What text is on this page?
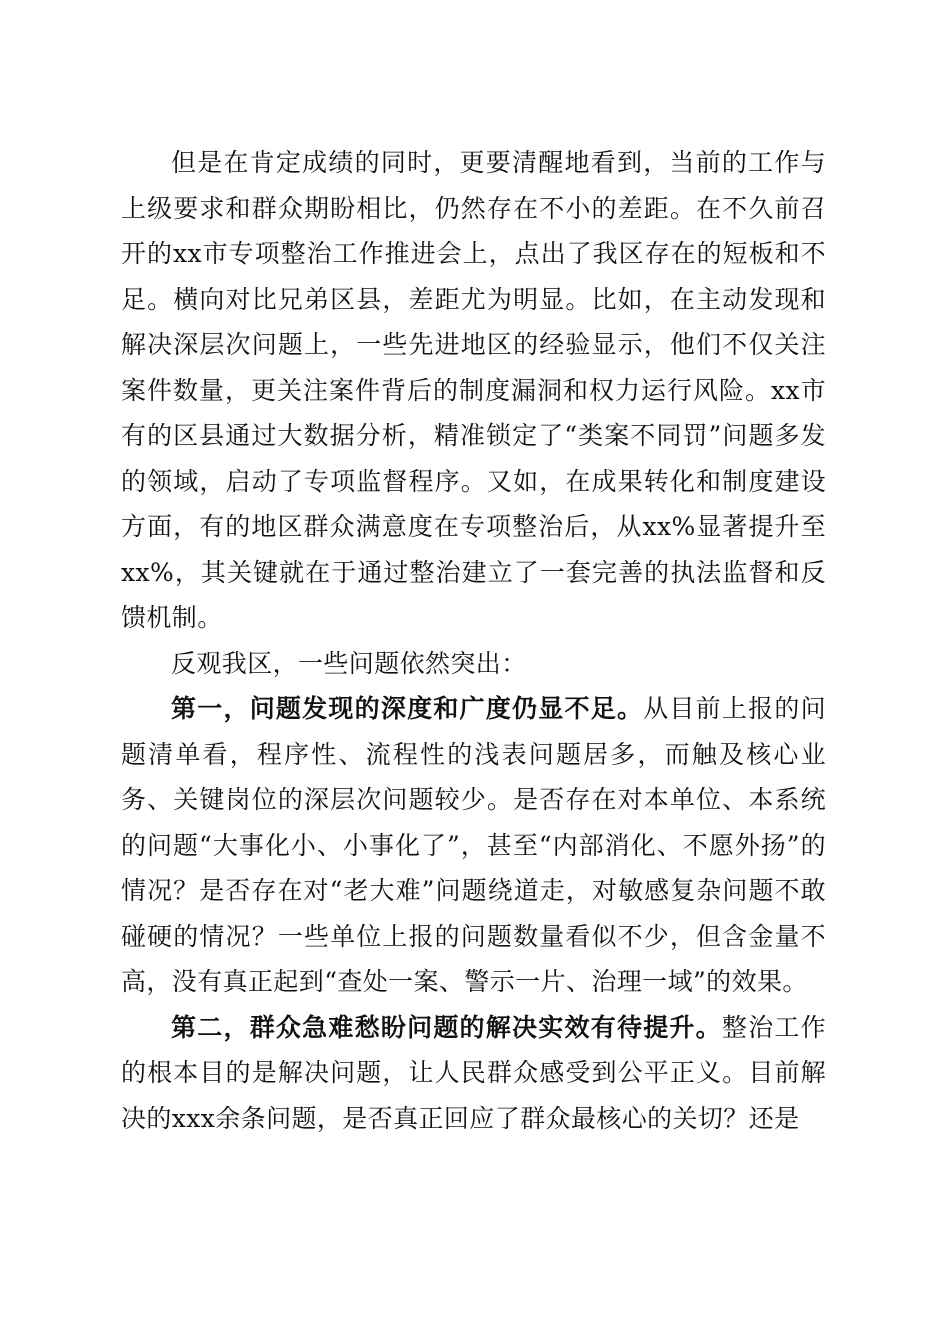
但是在肯定成绩的同时，更要清醒地看到，当前的工作与上级要求和群众期盼相比，仍然存在不小的差距。在不久前召开的xx市专项整治工作推进会上，点出了我区存在的短板和不足。横向对比兄弟区县，差距尤为明显。比如，在主动发现和解决深层次问题上，一些先进地区的经验显示，他们不仅关注案件数量，更关注案件背后的制度漏洞和权力运行风险。xx市有的区县通过大数据分析，精准锁定了“类案不同罚”问题多发的领域，启动了专项监督程序。又如，在成果转化和制度建设方面，有的地区群众满意度在专项整治后，从xx%显著提升至xx%，其关键就在于通过整治建立了一套完善的执法监督和反馈机制。

反观我区，一些问题依然突出：

第一，问题发现的深度和广度仍显不足。从目前上报的问题清单看，程序性、流程性的浅表问题居多，而触及核心业务、关键岗位的深层次问题较少。是否存在对本单位、本系统的问题“大事化小、小事化了”，甚至“内部消化、不愿外扬”的情况？是否存在对“老大难”问题绕道走，对敏感复杂问题不敢碰硬的情况？一些单位上报的问题数量看似不少，但含金量不高，没有真正起到“查处一案、警示一片、治理一域”的效果。

第二，群众急难愁盼问题的解决实效有待提升。整治工作的根本目的是解决问题，让人民群众感受到公平正义。目前解决的xxx余条问题，是否真正回应了群众最核心的关切？还是
